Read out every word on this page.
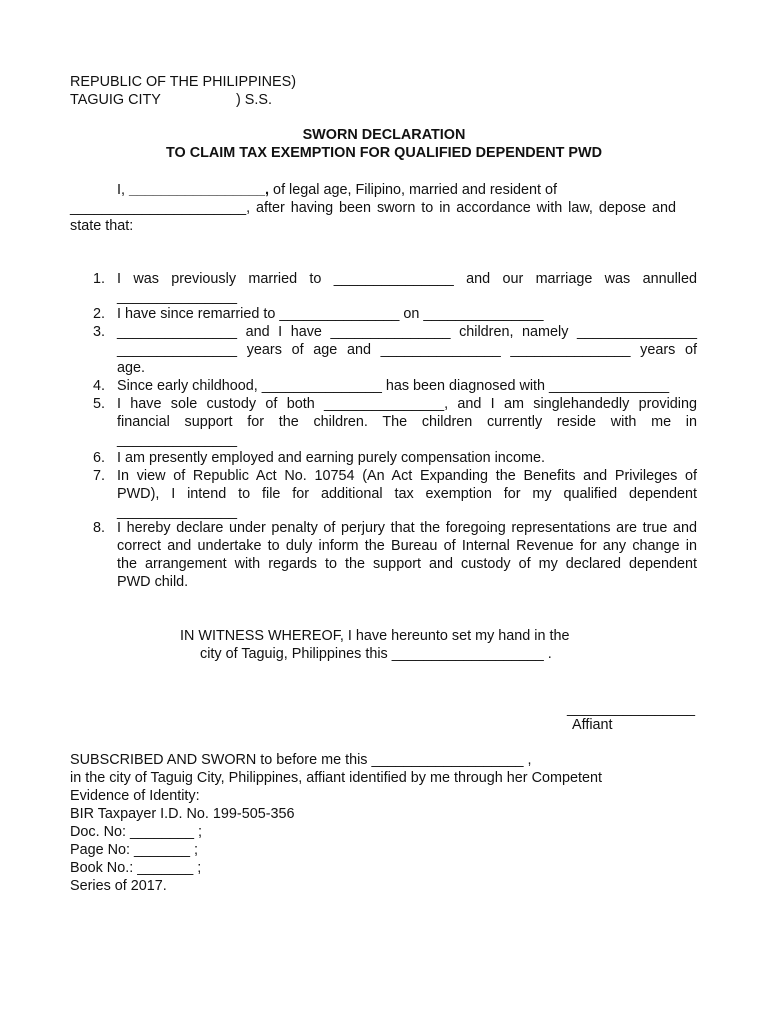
REPUBLIC OF THE PHILIPPINES)
TAGUIG CITY	) S.S.
SWORN DECLARATION
TO CLAIM TAX EXEMPTION FOR QUALIFIED DEPENDENT PWD
I, _________________, of legal age, Filipino, married and resident of
______________________, after having been sworn to in accordance with law, depose and
state that:
1. I was previously married to _______________ and our marriage was annulled
_______________
2. I have since remarried to _______________ on _______________
3. _______________ and I have _______________ children, namely _______________
_______________ years of age and _______________ _______________ years of
age.
4. Since early childhood, _______________ has been diagnosed with _______________
5. I have sole custody of both _______________, and I am singlehandedly providing
financial support for the children. The children currently reside with me in
_______________
6. I am presently employed and earning purely compensation income.
7. In view of Republic Act No. 10754 (An Act Expanding the Benefits and Privileges of
PWD), I intend to file for additional tax exemption for my qualified dependent
_______________
8. I hereby declare under penalty of perjury that the foregoing representations are true and
correct and undertake to duly inform the Bureau of Internal Revenue for any change in
the arrangement with regards to the support and custody of my declared dependent
PWD child.
IN WITNESS WHEREOF, I have hereunto set my hand in the
city of Taguig, Philippines this ___________________ .
________________
Affiant
SUBSCRIBED AND SWORN to before me this ___________________ ,
in the city of Taguig City, Philippines, affiant identified by me through her Competent
Evidence of Identity:
BIR Taxpayer I.D. No. 199-505-356
Doc. No: ________ ;
Page No: _______ ;
Book No.: _______ ;
Series of 2017.
